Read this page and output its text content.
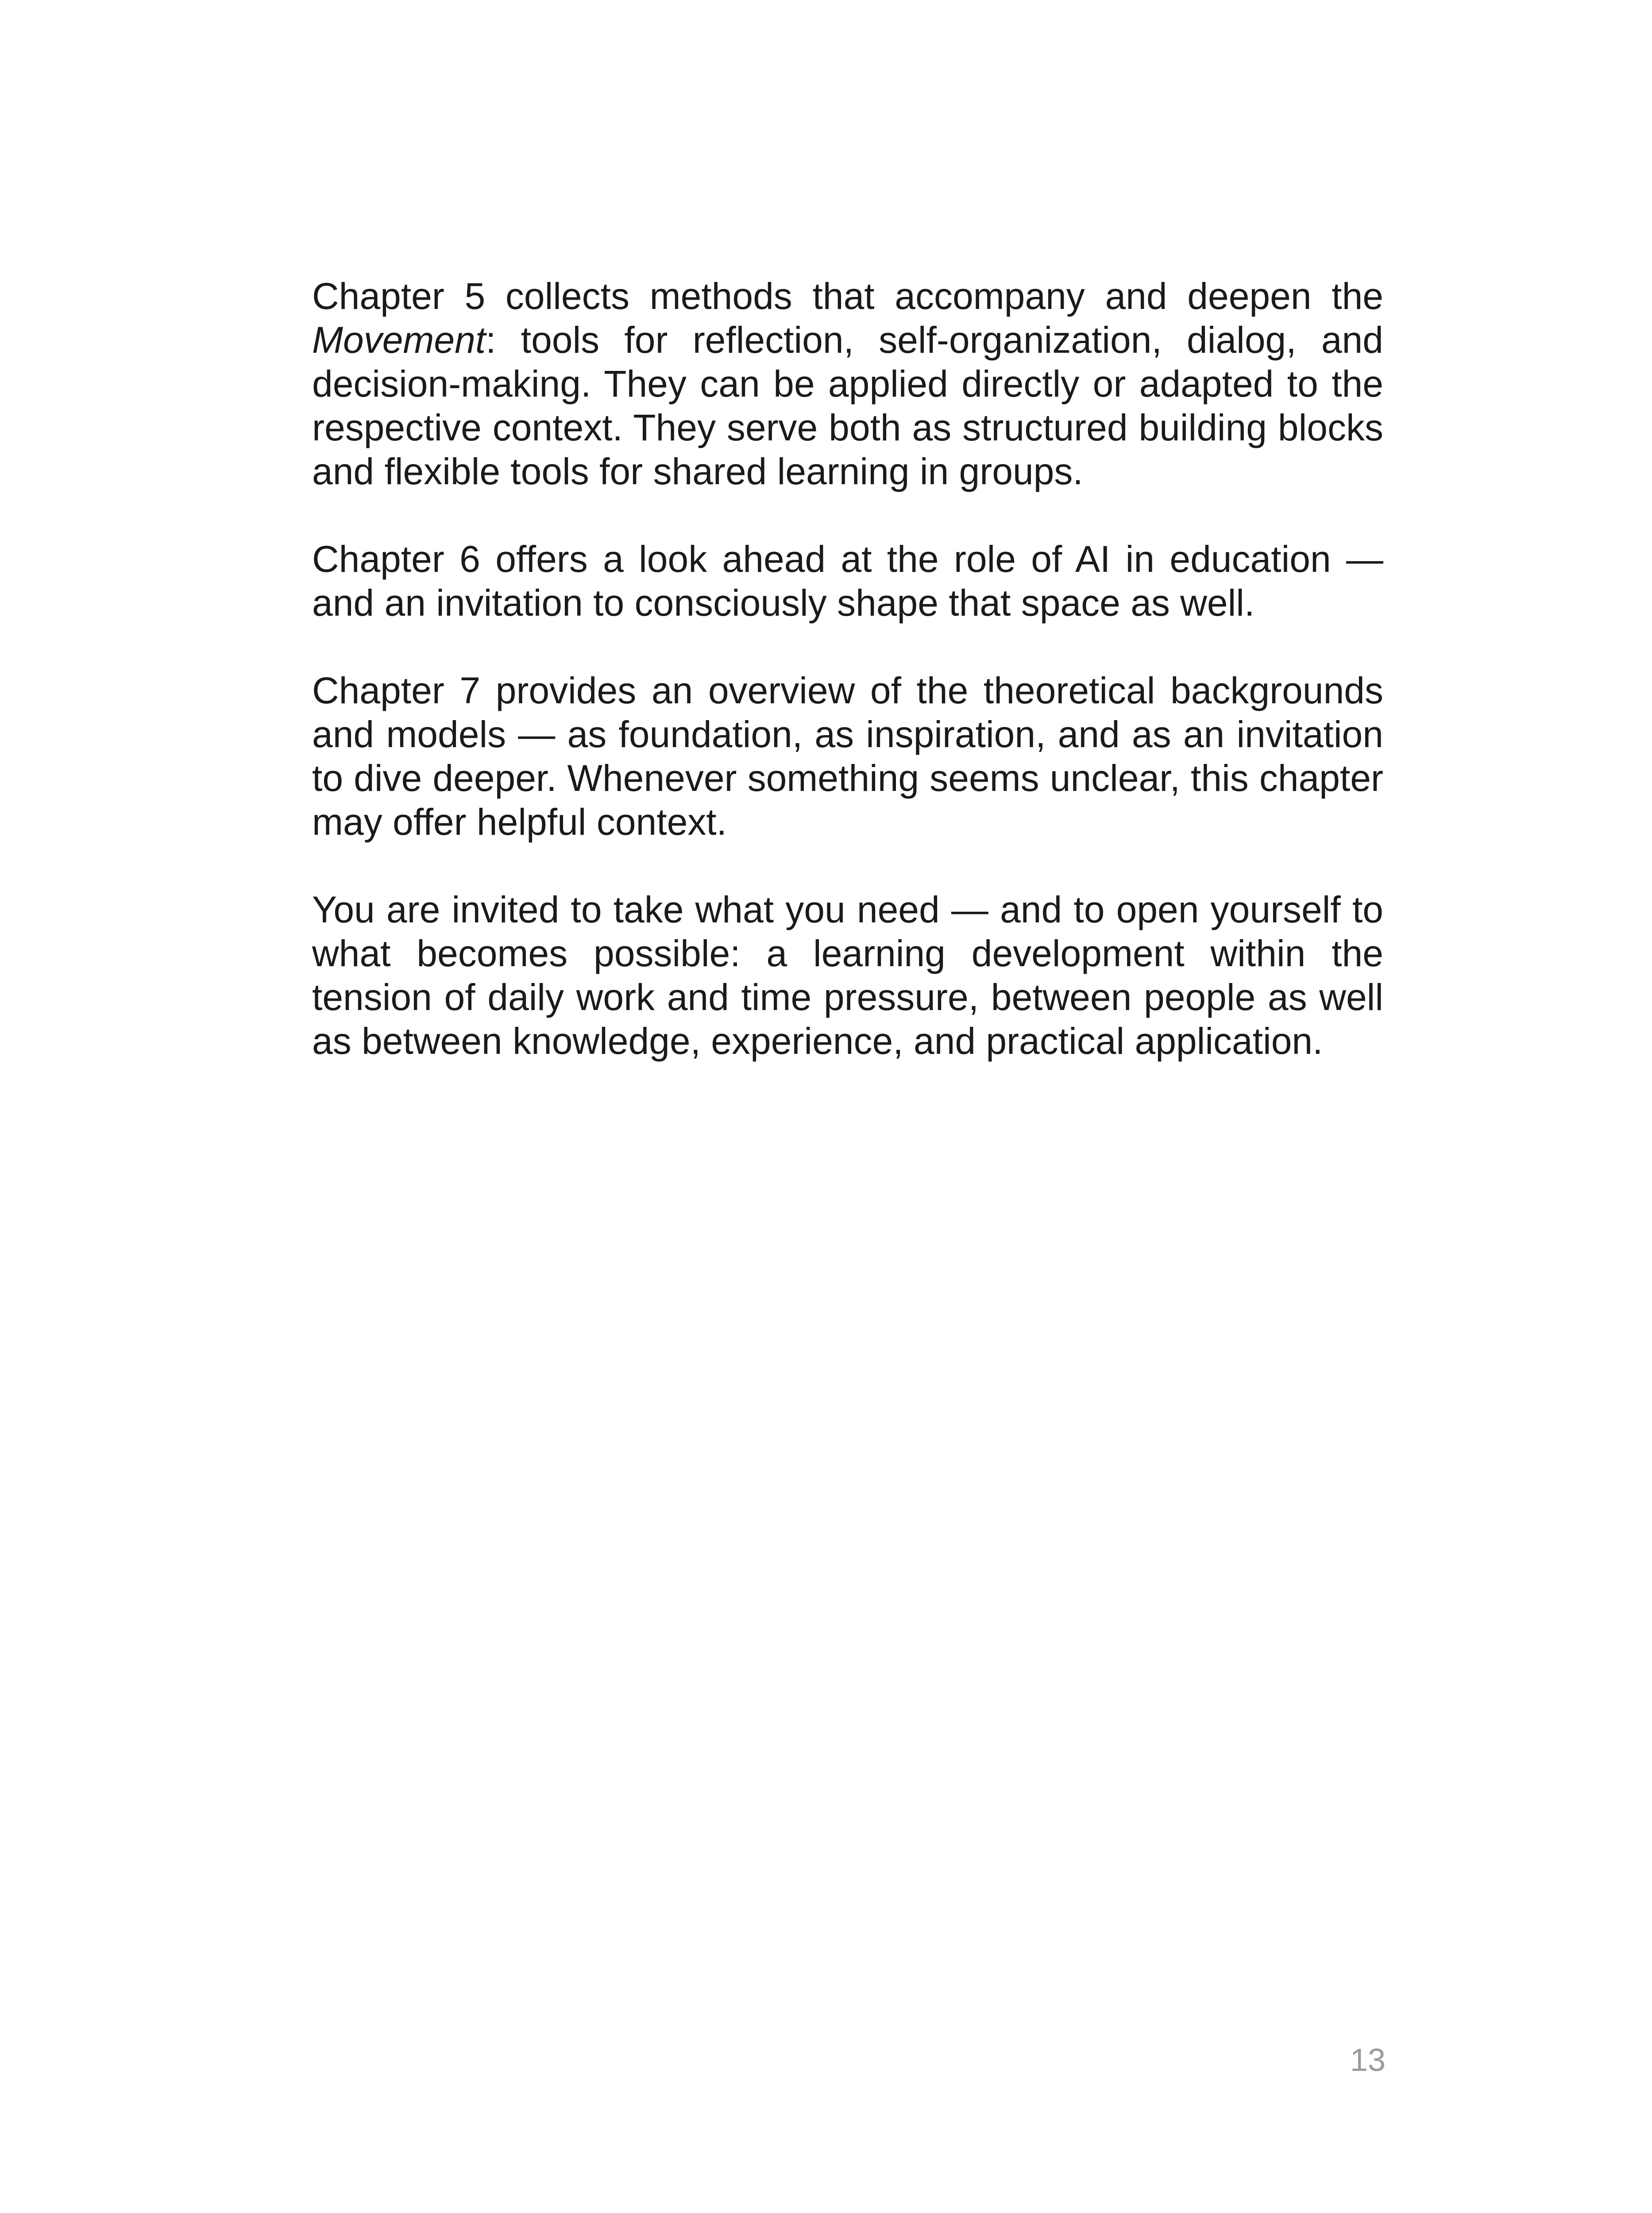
Chapter 5 collects methods that accompany and deepen the Movement: tools for reflection, self-organization, dialog, and decision-making. They can be applied directly or adapted to the respective context. They serve both as structured building blocks and flexible tools for shared learning in groups.

Chapter 6 offers a look ahead at the role of AI in education — and an invitation to consciously shape that space as well.

Chapter 7 provides an overview of the theoretical backgrounds and models — as foundation, as inspiration, and as an invitation to dive deeper. Whenever something seems unclear, this chapter may offer helpful context.

You are invited to take what you need — and to open yourself to what becomes possible: a learning development within the tension of daily work and time pressure, between people as well as between knowledge, experience, and practical application.

13
